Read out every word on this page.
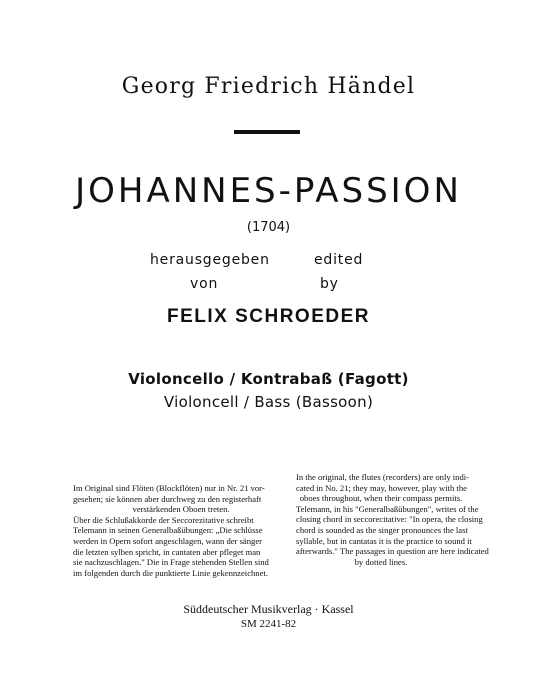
Georg Friedrich Händel
JOHANNES-PASSION
(1704)
herausgegeben	edited
von	by
FELIX SCHROEDER
Violoncello / Kontrabaß (Fagott)
Violoncell / Bass (Bassoon)
Im Original sind Flöten (Blockflöten) nur in Nr. 21 vor-
gesehen; sie können aber durchweg zu den registerhaft
verstärkenden Oboen treten.
Über die Schlußakkorde der Seccorezitative schreibt
Telemann in seinen Generalbaßübungen: „Die schlüsse
werden in Opern sofort angeschlagen, wann der sänger
die letzten sylben spricht, in cantaten aber pfleget man
sie nachzuschlagen." Die in Frage stehenden Stellen sind
im folgenden durch die punktierte Linie gekennzeichnet.
In the original, the flutes (recorders) are only indi-
cated in No. 21; they may, however, play with the
oboes throughout, when their compass permits.
Telemann, in his "Generalbaßübungen", writes of the
closing chord in seccorecitative: "In opera, the closing
chord is sounded as the singer pronounces the last
syllable, but in cantatas it is the practice to sound it
afterwards." The passages in question are here indicated
by dotted lines.
Süddeutscher Musikverlag · Kassel
SM 2241-82
